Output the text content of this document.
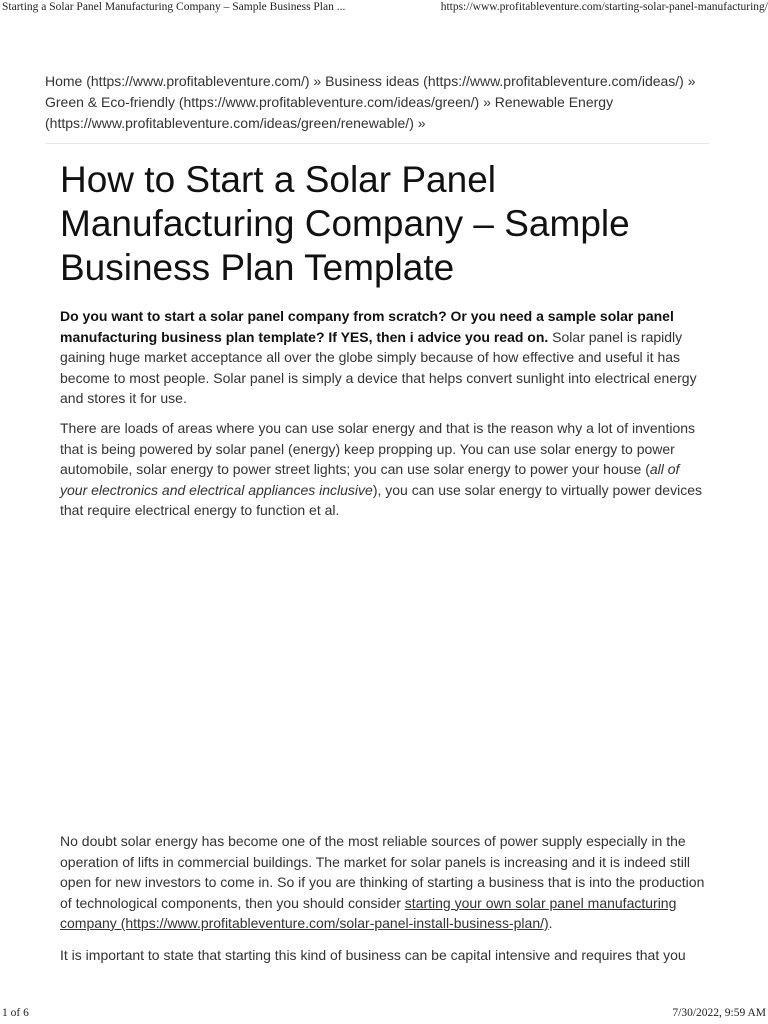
Starting a Solar Panel Manufacturing Company – Sample Business Plan ...	https://www.profitableventure.com/starting-solar-panel-manufacturing/
Home (https://www.profitableventure.com/) » Business ideas (https://www.profitableventure.com/ideas/) » Green & Eco-friendly (https://www.profitableventure.com/ideas/green/) » Renewable Energy (https://www.profitableventure.com/ideas/green/renewable/) »
How to Start a Solar Panel Manufacturing Company – Sample Business Plan Template

Do you want to start a solar panel company from scratch? Or you need a sample solar panel manufacturing business plan template? If YES, then i advice you read on. Solar panel is rapidly gaining huge market acceptance all over the globe simply because of how effective and useful it has become to most people. Solar panel is simply a device that helps convert sunlight into electrical energy and stores it for use.

There are loads of areas where you can use solar energy and that is the reason why a lot of inventions that is being powered by solar panel (energy) keep propping up. You can use solar energy to power automobile, solar energy to power street lights; you can use solar energy to power your house (all of your electronics and electrical appliances inclusive), you can use solar energy to virtually power devices that require electrical energy to function et al.

No doubt solar energy has become one of the most reliable sources of power supply especially in the operation of lifts in commercial buildings. The market for solar panels is increasing and it is indeed still open for new investors to come in. So if you are thinking of starting a business that is into the production of technological components, then you should consider starting your own solar panel manufacturing company (https://www.profitableventure.com/solar-panel-install-business-plan/).

It is important to state that starting this kind of business can be capital intensive and requires that you

1 of 6	7/30/2022, 9:59 AM
